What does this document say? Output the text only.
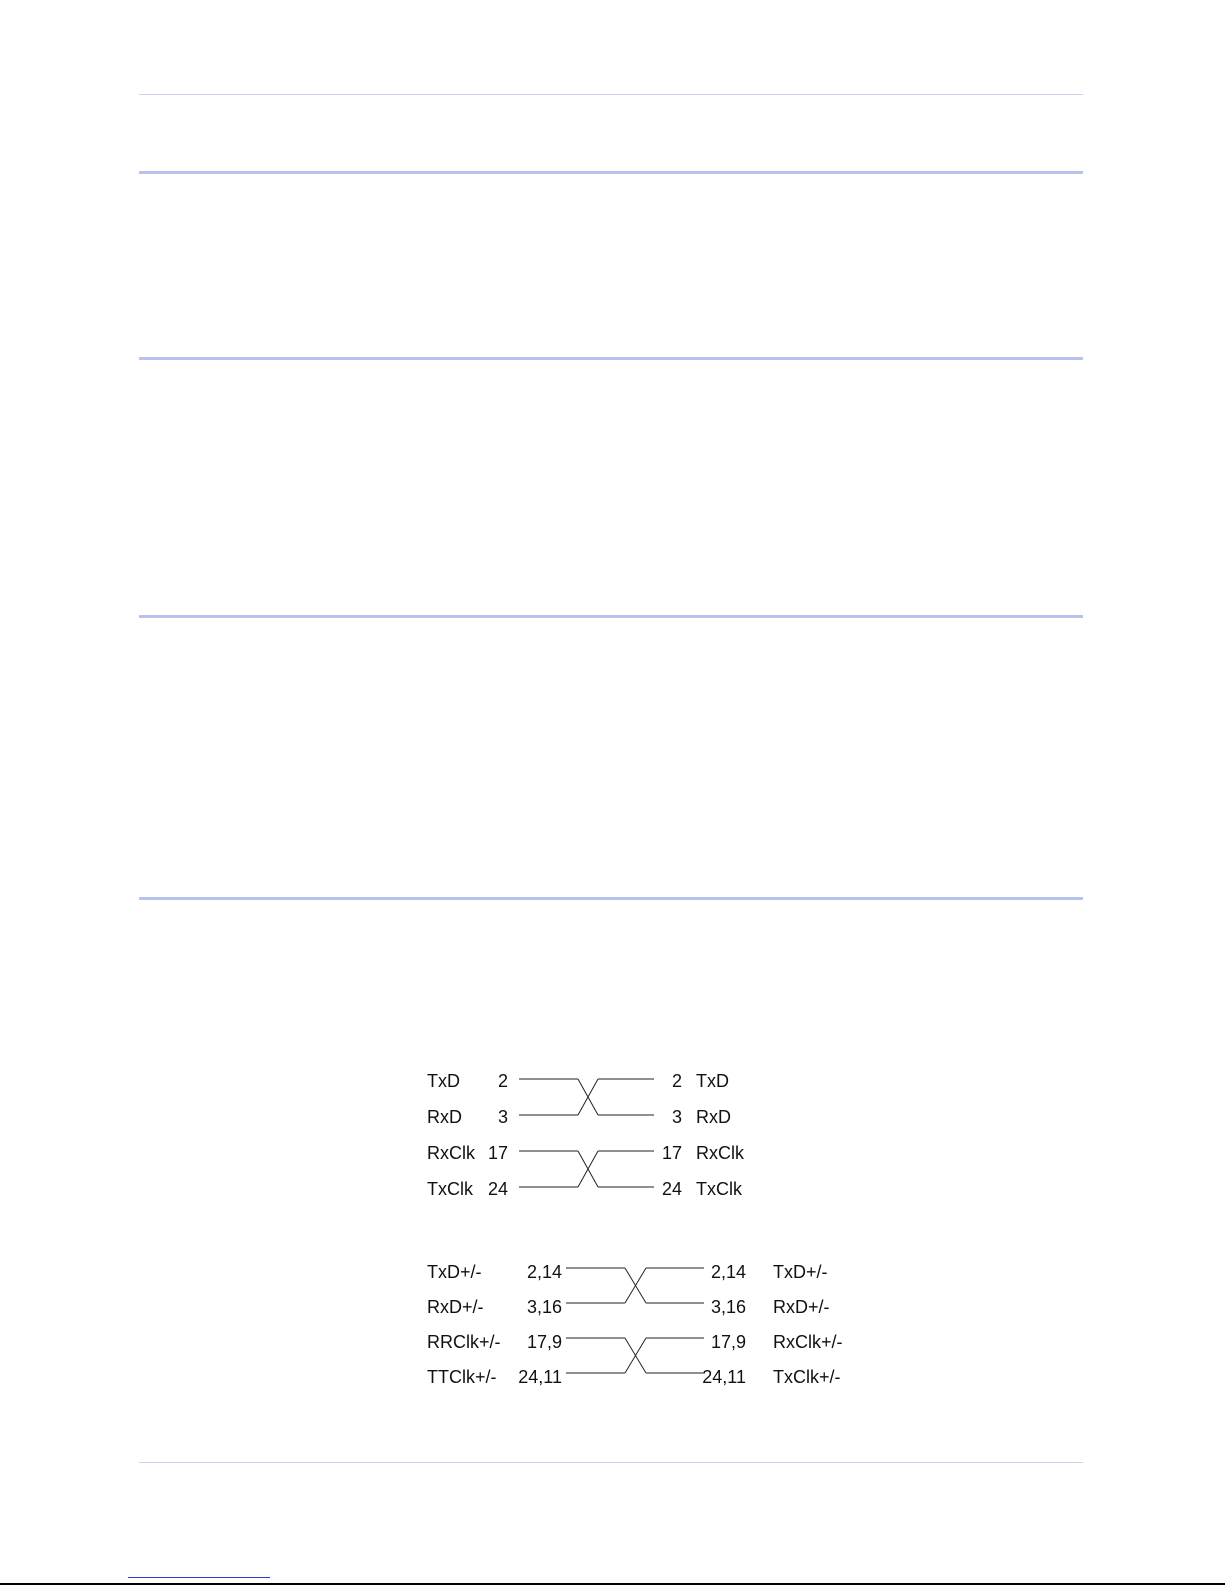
TxD 2	2 TxD
RxD 3	3 RxD
RxClk 17	17 RxClk
TxClk 24	24 TxClk
TxD+/-	2,14	2,14 TxD+/-
RxD+/- 3,16	3,16 RxD+/-
RRClk+/- 17,9	17,9 RxClk+/-
TTClk+/- 24,11	24,11 TxClk+/-
